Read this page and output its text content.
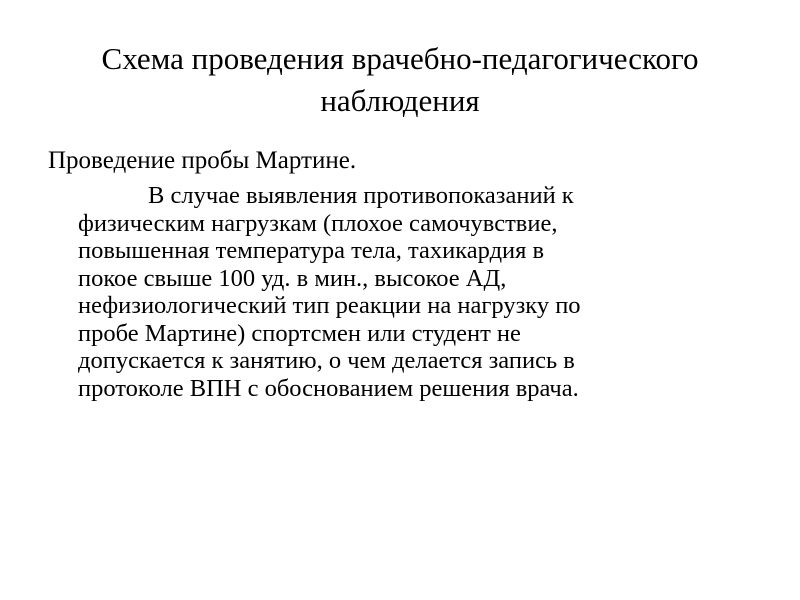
Схема проведения врачебно-педагогического
наблюдения

Проведение пробы Мартине.

В случае выявления противопоказаний к
физическим нагрузкам (плохое самочувствие,
повышенная температура тела, тахикардия в
покое свыше 100 уд. в мин., высокое АД,
нефизиологический тип реакции на нагрузку по
пробе Мартине) спортсмен или студент не
допускается к занятию, о чем делается запись в
протоколе ВПН с обоснованием решения врача.
